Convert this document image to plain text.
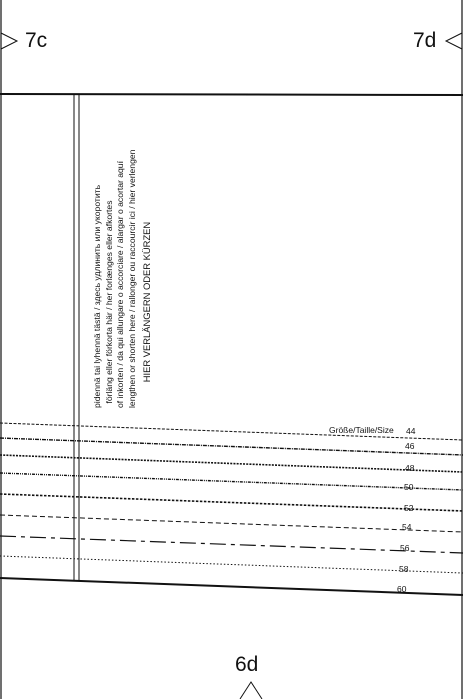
7c	7d
6d
pidennä tai lyhennä tästä / здесь удлинить или укоротить förläng eller förkorta här / her forlænges eller afkortes of inkorten / da qui allungare o accorciare / alargar o acortar aquí lengthen or shorten here / rallonger ou raccourcir ici / hier verlengen HIER VERLÄNGERN ODER KÜRZEN
Größe/Taille/Size 44
46
48
50
52
54
56
58
60
